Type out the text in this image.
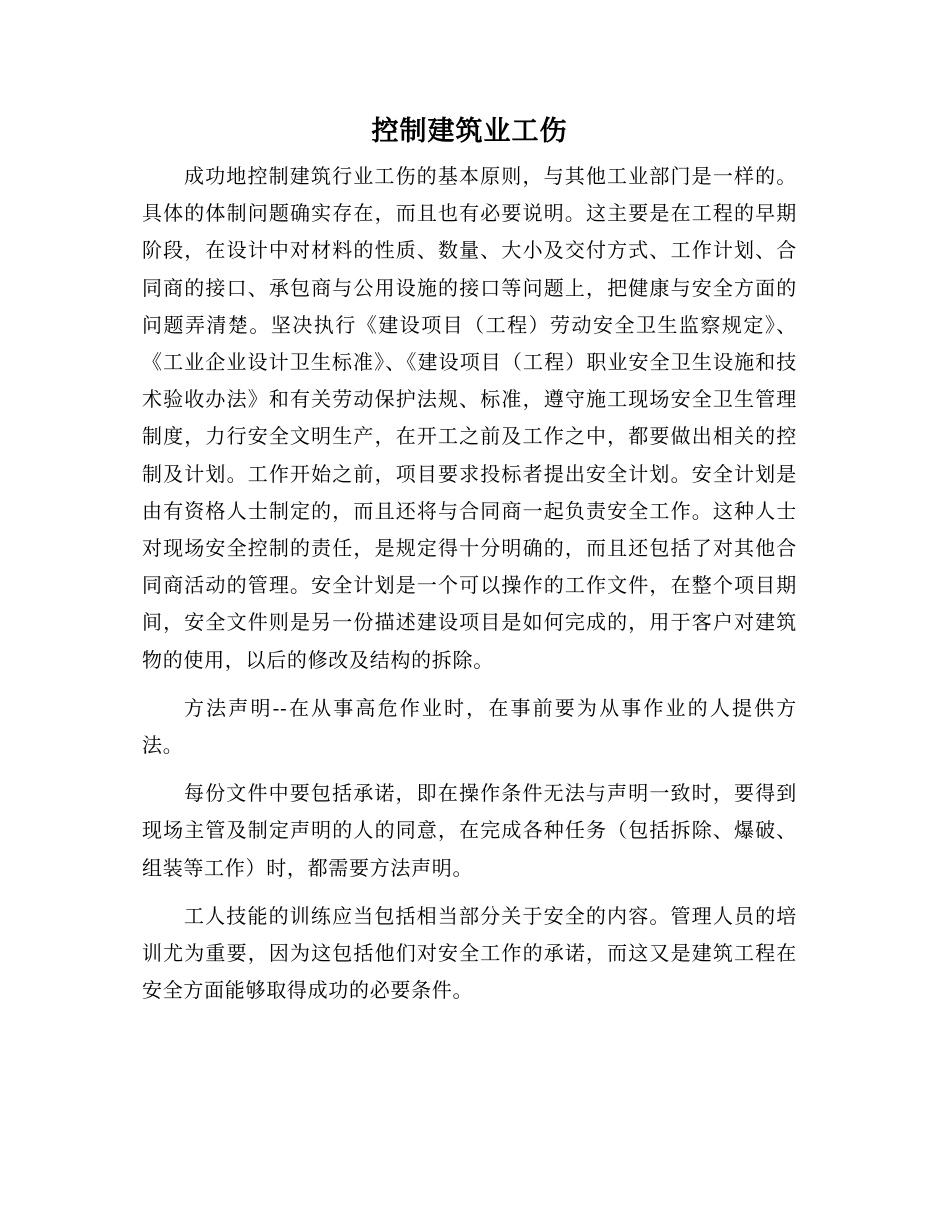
控制建筑业工伤

成功地控制建筑行业工伤的基本原则，与其他工业部门是一样的。具体的体制问题确实存在，而且也有必要说明。这主要是在工程的早期阶段，在设计中对材料的性质、数量、大小及交付方式、工作计划、合同商的接口、承包商与公用设施的接口等问题上，把健康与安全方面的问题弄清楚。坚决执行《建设项目（工程）劳动安全卫生监察规定》、《工业企业设计卫生标准》、《建设项目（工程）职业安全卫生设施和技术验收办法》和有关劳动保护法规、标准，遵守施工现场安全卫生管理制度，力行安全文明生产，在开工之前及工作之中，都要做出相关的控制及计划。工作开始之前，项目要求投标者提出安全计划。安全计划是由有资格人士制定的，而且还将与合同商一起负责安全工作。这种人士对现场安全控制的责任，是规定得十分明确的，而且还包括了对其他合同商活动的管理。安全计划是一个可以操作的工作文件，在整个项目期间，安全文件则是另一份描述建设项目是如何完成的，用于客户对建筑物的使用，以后的修改及结构的拆除。

方法声明--在从事高危作业时，在事前要为从事作业的人提供方法。

每份文件中要包括承诺，即在操作条件无法与声明一致时，要得到现场主管及制定声明的人的同意，在完成各种任务（包括拆除、爆破、组装等工作）时，都需要方法声明。

工人技能的训练应当包括相当部分关于安全的内容。管理人员的培训尤为重要，因为这包括他们对安全工作的承诺，而这又是建筑工程在安全方面能够取得成功的必要条件。
